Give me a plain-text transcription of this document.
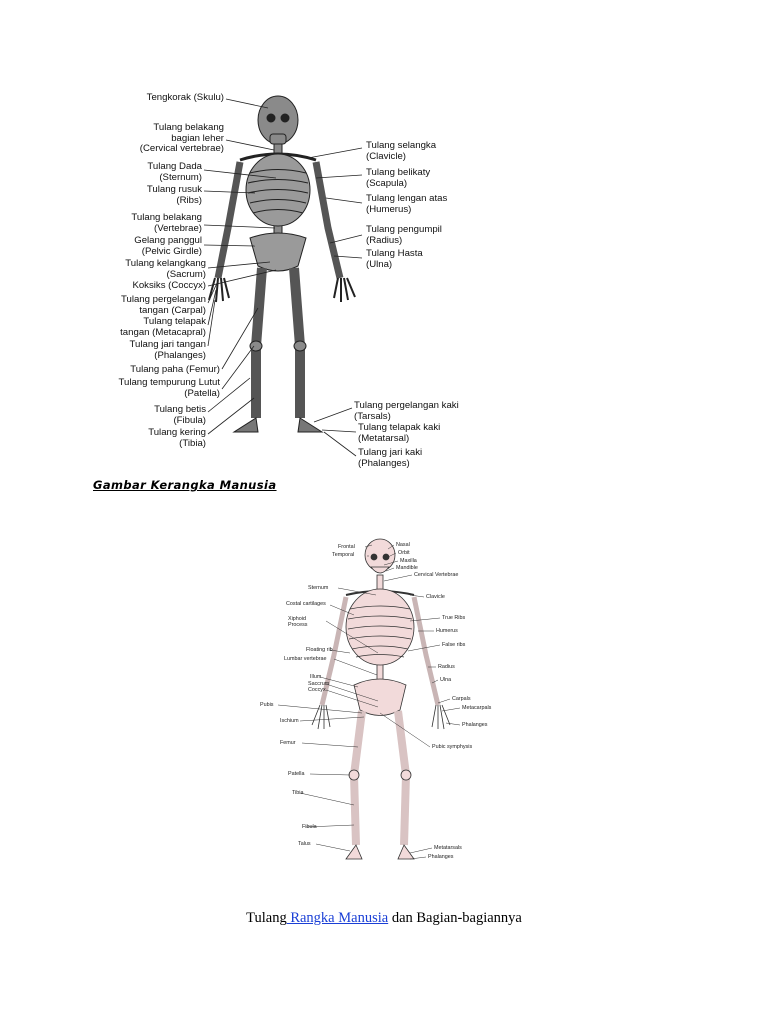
Tengkorak (Skulu)
Tulang belakang
bagian leher
(Cervical vertebrae)
Tulang Dada
(Sternum)
Tulang rusuk
(Ribs)
Tulang belakang
(Vertebrae)
Gelang panggul
(Pelvic Girdle)
Tulang kelangkang
(Sacrum)
Koksiks (Coccyx)
Tulang pergelangan
tangan (Carpal)
Tulang telapak
tangan (Metacapral)
Tulang jari tangan
(Phalanges)
Tulang paha (Femur)
Tulang tempurung Lutut
(Patella)
Tulang betis
(Fibula)
Tulang kering
(Tibia)
Tulang selangka
(Clavicle)
Tulang belikaty
(Scapula)
Tulang lengan atas
(Humerus)
Tulang pengumpil
(Radius)
Tulang Hasta
(Ulna)
Tulang pergelangan kaki
(Tarsals)
Tulang telapak kaki
(Metatarsal)
Tulang jari kaki
(Phalanges)
Gambar Kerangka Manusia
Frontal
Temporal
Sternum
Costal cartilages
Xiphoid
Process
Floating rib
Lumbar vertebrae
Illum
Saccrum
Coccyx
Pubis
Ischium
Femur
Patella
Tibia
Fibula
Talus
Nasal
Orbit
Maxilla
Mandible
Cervical Vertebrae
Clavicle
True Ribs
Humerus
False ribs
Radius
Ulna
Carpals
Metacarpals
Phalanges
Pubic symphysis
Metatarsals
Phalanges
Tulang Rangka Manusia dan Bagian-bagiannya
